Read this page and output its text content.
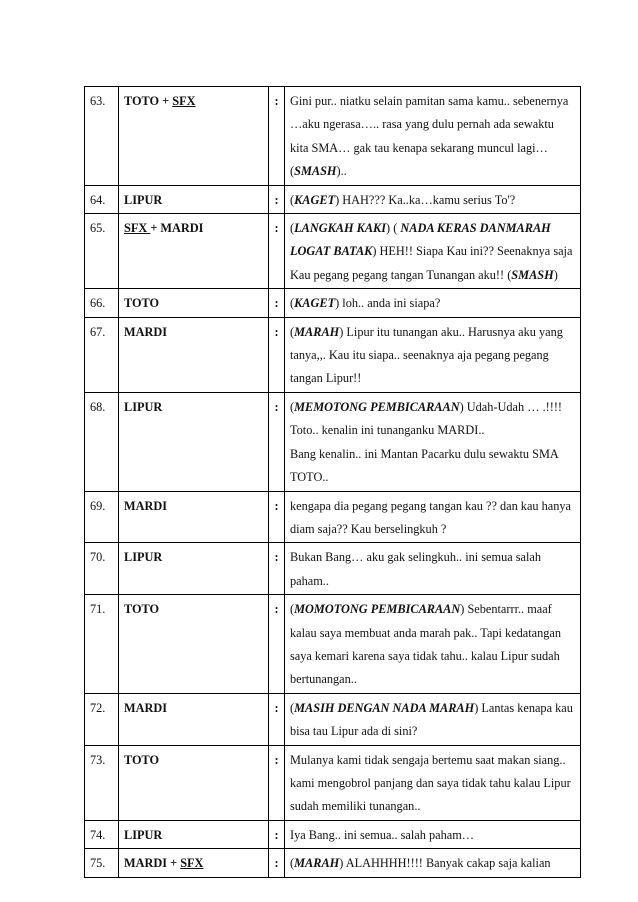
63.	TOTO + SFX	:	Gini pur.. niatku selain pamitan sama kamu.. sebenernya …aku ngerasa….. rasa yang dulu pernah ada sewaktu kita SMA… gak tau kenapa sekarang muncul lagi… (SMASH)..
64.	LIPUR	:	(KAGET) HAH??? Ka..ka…kamu serius To'?
65.	SFX + MARDI	:	(LANGKAH KAKI) ( NADA KERAS DANMARAH LOGAT BATAK) HEH!! Siapa Kau ini?? Seenaknya saja Kau pegang pegang tangan Tunangan aku!! (SMASH)
66.	TOTO	:	(KAGET) loh.. anda ini siapa?
67.	MARDI	:	(MARAH) Lipur itu tunangan aku.. Harusnya aku yang tanya,,. Kau itu siapa.. seenaknya aja pegang pegang tangan Lipur!!
68.	LIPUR	:	(MEMOTONG PEMBICARAAN) Udah-Udah … .!!!!
Toto.. kenalin ini tunanganku MARDI..
Bang kenalin.. ini Mantan Pacarku dulu sewaktu SMA TOTO..
69.	MARDI	:	kengapa dia pegang pegang tangan kau ?? dan kau hanya diam saja?? Kau berselingkuh ?
70.	LIPUR	:	Bukan Bang… aku gak selingkuh.. ini semua salah paham..
71.	TOTO	:	(MOMOTONG PEMBICARAAN) Sebentarrr.. maaf kalau saya membuat anda marah pak.. Tapi kedatangan saya kemari karena saya tidak tahu.. kalau Lipur sudah bertunangan..
72.	MARDI	:	(MASIH DENGAN NADA MARAH) Lantas kenapa kau bisa tau Lipur ada di sini?
73.	TOTO	:	Mulanya kami tidak sengaja bertemu saat makan siang.. kami mengobrol panjang dan saya tidak tahu kalau Lipur sudah memiliki tunangan..
74.	LIPUR	:	Iya Bang.. ini semua.. salah paham…
75.	MARDI + SFX	:	(MARAH) ALAHHHH!!!! Banyak cakap saja kalian
